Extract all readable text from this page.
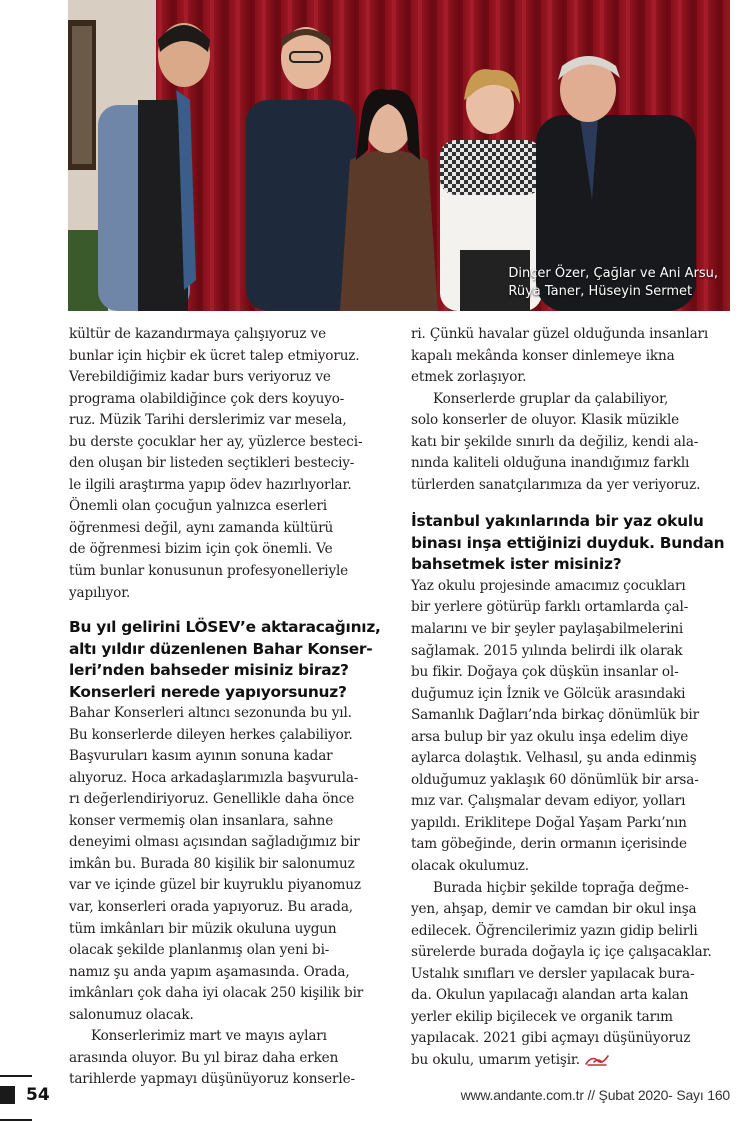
Dinçer Özer, Çağlar ve Ani Arsu,
Rüya Taner, Hüseyin Sermet

kültür de kazandırmaya çalışıyoruz ve
bunlar için hiçbir ek ücret talep etmiyoruz.
Verebildiğimiz kadar burs veriyoruz ve
programa olabildiğince çok ders koyuyo-
ruz. Müzik Tarihi derslerimiz var mesela,
bu derste çocuklar her ay, yüzlerce besteci-
den oluşan bir listeden seçtikleri besteciy-
le ilgili araştırma yapıp ödev hazırlıyorlar.
Önemli olan çocuğun yalnızca eserleri
öğrenmesi değil, aynı zamanda kültürü
de öğrenmesi bizim için çok önemli. Ve
tüm bunlar konusunun profesyonelleriyle
yapılıyor.

Bu yıl gelirini LÖSEV’e aktaracağınız,
altı yıldır düzenlenen Bahar Konser-
leri’nden bahseder misiniz biraz?
Konserleri nerede yapıyorsunuz?

Bahar Konserleri altıncı sezonunda bu yıl.
Bu konserlerde dileyen herkes çalabiliyor.
Başvuruları kasım ayının sonuna kadar
alıyoruz. Hoca arkadaşlarımızla başvurula-
rı değerlendiriyoruz. Genellikle daha önce
konser vermemiş olan insanlara, sahne
deneyimi olması açısından sağladığımız bir
imkân bu. Burada 80 kişilik bir salonumuz
var ve içinde güzel bir kuyruklu piyanomuz
var, konserleri orada yapıyoruz. Bu arada,
tüm imkânları bir müzik okuluna uygun
olacak şekilde planlanmış olan yeni bi-
namız şu anda yapım aşamasında. Orada,
imkânları çok daha iyi olacak 250 kişilik bir
salonumuz olacak.

Konserlerimiz mart ve mayıs ayları
arasında oluyor. Bu yıl biraz daha erken
tarihlerde yapmayı düşünüyoruz konserle-

ri. Çünkü havalar güzel olduğunda insanları
kapalı mekânda konser dinlemeye ikna
etmek zorlaşıyor.

Konserlerde gruplar da çalabiliyor,
solo konserler de oluyor. Klasik müzikle
katı bir şekilde sınırlı da değiliz, kendi ala-
nında kaliteli olduğuna inandığımız farklı
türlerden sanatçılarımıza da yer veriyoruz.

İstanbul yakınlarında bir yaz okulu
binası inşa ettiğinizi duyduk. Bundan
bahsetmek ister misiniz?

Yaz okulu projesinde amacımız çocukları
bir yerlere götürüp farklı ortamlarda çal-
malarını ve bir şeyler paylaşabilmelerini
sağlamak. 2015 yılında belirdi ilk olarak
bu fikir. Doğaya çok düşkün insanlar ol-
duğumuz için İznik ve Gölcük arasındaki
Samanlık Dağları’nda birkaç dönümlük bir
arsa bulup bir yaz okulu inşa edelim diye
aylarca dolaştık. Velhasıl, şu anda edinmiş
olduğumuz yaklaşık 60 dönümlük bir arsa-
mız var. Çalışmalar devam ediyor, yolları
yapıldı. Eriklitepe Doğal Yaşam Parkı’nın
tam göbeğinde, derin ormanın içerisinde
olacak okulumuz.

Burada hiçbir şekilde toprağa değme-
yen, ahşap, demir ve camdan bir okul inşa
edilecek. Öğrencilerimiz yazın gidip belirli
sürelerde burada doğayla iç içe çalışacaklar.
Ustalık sınıfları ve dersler yapılacak bura-
da. Okulun yapılacağı alandan arta kalan
yerler ekilip biçilecek ve organik tarım
yapılacak. 2021 gibi açmayı düşünüyoruz
bu okulu, umarım yetişir.

54	www.andante.com.tr // Şubat 2020- Sayı 160
